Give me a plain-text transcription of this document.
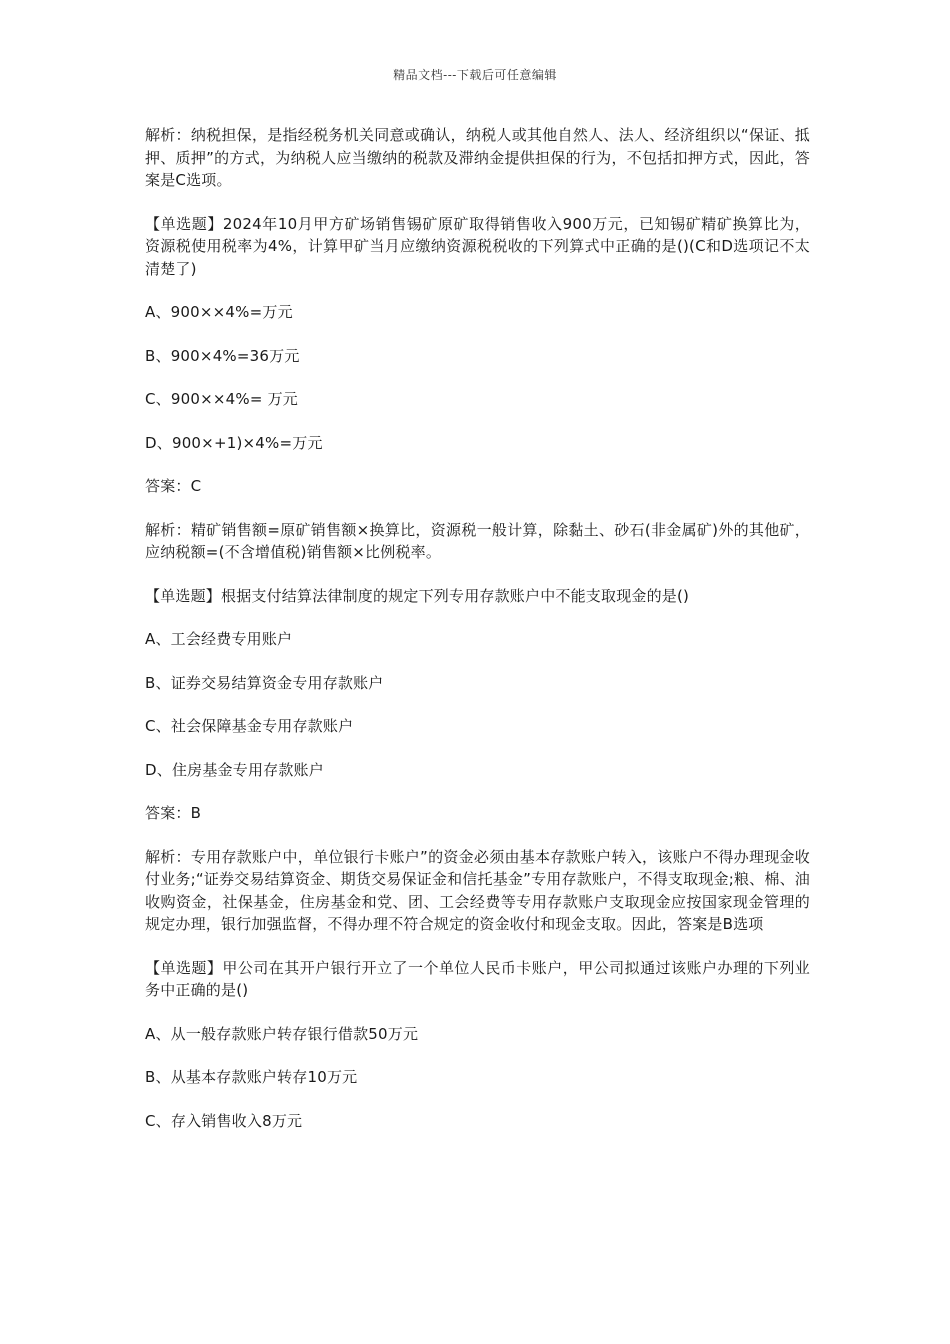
精品文档---下载后可任意编辑

解析：纳税担保，是指经税务机关同意或确认，纳税人或其他自然人、法人、经济组织以“保证、抵押、质押”的方式，为纳税人应当缴纳的税款及滞纳金提供担保的行为，不包括扣押方式，因此，答案是C选项。

【单选题】2024年10月甲方矿场销售锡矿原矿取得销售收入900万元，已知锡矿精矿换算比为，资源税使用税率为4%，计算甲矿当月应缴纳资源税税收的下列算式中正确的是()(C和D选项记不太清楚了)

A、900××4%=万元

B、900×4%=36万元

C、900××4%= 万元

D、900×+1)×4%=万元

答案：C

解析：精矿销售额=原矿销售额×换算比，资源税一般计算，除黏土、砂石(非金属矿)外的其他矿，应纳税额=(不含增值税)销售额×比例税率。

【单选题】根据支付结算法律制度的规定下列专用存款账户中不能支取现金的是()

A、工会经费专用账户

B、证券交易结算资金专用存款账户

C、社会保障基金专用存款账户

D、住房基金专用存款账户

答案：B

解析：专用存款账户中，单位银行卡账户”的资金必须由基本存款账户转入，该账户不得办理现金收付业务;“证券交易结算资金、期货交易保证金和信托基金”专用存款账户，不得支取现金;粮、棉、油收购资金，社保基金，住房基金和党、团、工会经费等专用存款账户支取现金应按国家现金管理的规定办理，银行加强监督，不得办理不符合规定的资金收付和现金支取。因此，答案是B选项

【单选题】甲公司在其开户银行开立了一个单位人民币卡账户，甲公司拟通过该账户办理的下列业务中正确的是()

A、从一般存款账户转存银行借款50万元

B、从基本存款账户转存10万元

C、存入销售收入8万元
